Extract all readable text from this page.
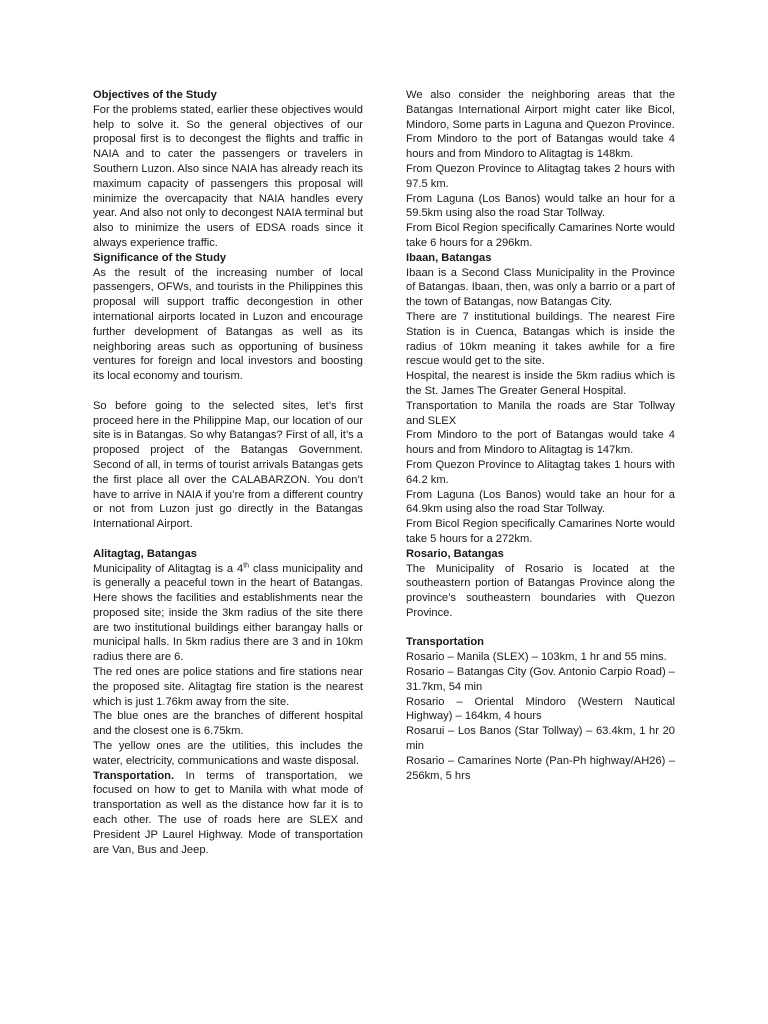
Objectives of the Study

For the problems stated, earlier these objectives would help to solve it. So the general objectives of our proposal first is to decongest the flights and traffic in NAIA and to cater the passengers or travelers in Southern Luzon. Also since NAIA has already reach its maximum capacity of passengers this proposal will minimize the overcapacity that NAIA handles every year. And also not only to decongest NAIA terminal but also to minimize the users of EDSA roads since it always experience traffic.

Significance of the Study

As the result of the increasing number of local passengers, OFWs, and tourists in the Philippines this proposal will support traffic decongestion in other international airports located in Luzon and encourage further development of Batangas as well as its neighboring areas such as opportuning of business ventures for foreign and local investors and boosting its local economy and tourism.

So before going to the selected sites, let’s first proceed here in the Philippine Map, our location of our site is in Batangas. So why Batangas? First of all, it’s a proposed project of the Batangas Government. Second of all, in terms of tourist arrivals Batangas gets the first place all over the CALABARZON. You don’t have to arrive in NAIA if you’re from a different country or not from Luzon just go directly in the Batangas International Airport.

Alitagtag, Batangas

Municipality of Alitagtag is a 4th class municipality and is generally a peaceful town in the heart of Batangas. Here shows the facilities and establishments near the proposed site; inside the 3km radius of the site there are two institutional buildings either barangay halls or municipal halls. In 5km radius there are 3 and in 10km radius there are 6.

The red ones are police stations and fire stations near the proposed site. Alitagtag fire station is the nearest which is just 1.76km away from the site.

The blue ones are the branches of different hospital and the closest one is 6.75km.

The yellow ones are the utilities, this includes the water, electricity, communications and waste disposal.

Transportation. In terms of transportation, we focused on how to get to Manila with what mode of transportation as well as the distance how far it is to each other. The use of roads here are SLEX and President JP Laurel Highway. Mode of transportation are Van, Bus and Jeep.

We also consider the neighboring areas that the Batangas International Airport might cater like Bicol, Mindoro, Some parts in Laguna and Quezon Province.

From Mindoro to the port of Batangas would take 4 hours and from Mindoro to Alitagtag is 148km.

From Quezon Province to Alitagtag takes 2 hours with 97.5 km.

From Laguna (Los Banos) would talke an hour for a 59.5km using also the road Star Tollway.

From Bicol Region specifically Camarines Norte would take 6 hours for a 296km.

Ibaan, Batangas

Ibaan is a Second Class Municipality in the Province of Batangas. Ibaan, then, was only a barrio or a part of the town of Batangas, now Batangas City.

There are 7 institutional buildings. The nearest Fire Station is in Cuenca, Batangas which is inside the radius of 10km meaning it takes awhile for a fire rescue would get to the site.

Hospital, the nearest is inside the 5km radius which is the St. James The Greater General Hospital.

Transportation to Manila the roads are Star Tollway and SLEX

From Mindoro to the port of Batangas would take 4 hours and from Mindoro to Alitagtag is 147km.

From Quezon Province to Alitagtag takes 1 hours with 64.2 km.

From Laguna (Los Banos) would take an hour for a 64.9km using also the road Star Tollway.

From Bicol Region specifically Camarines Norte would take 5 hours for a 272km.

Rosario, Batangas

The Municipality of Rosario is located at the southeastern portion of Batangas Province along the province’s southeastern boundaries with Quezon Province.

Transportation

Rosario – Manila (SLEX) – 103km, 1 hr and 55 mins.

Rosario – Batangas City (Gov. Antonio Carpio Road) – 31.7km, 54 min

Rosario – Oriental Mindoro (Western Nautical Highway) – 164km, 4 hours

Rosarui – Los Banos (Star Tollway) – 63.4km, 1 hr 20 min

Rosario – Camarines Norte (Pan-Ph highway/AH26) – 256km, 5 hrs
